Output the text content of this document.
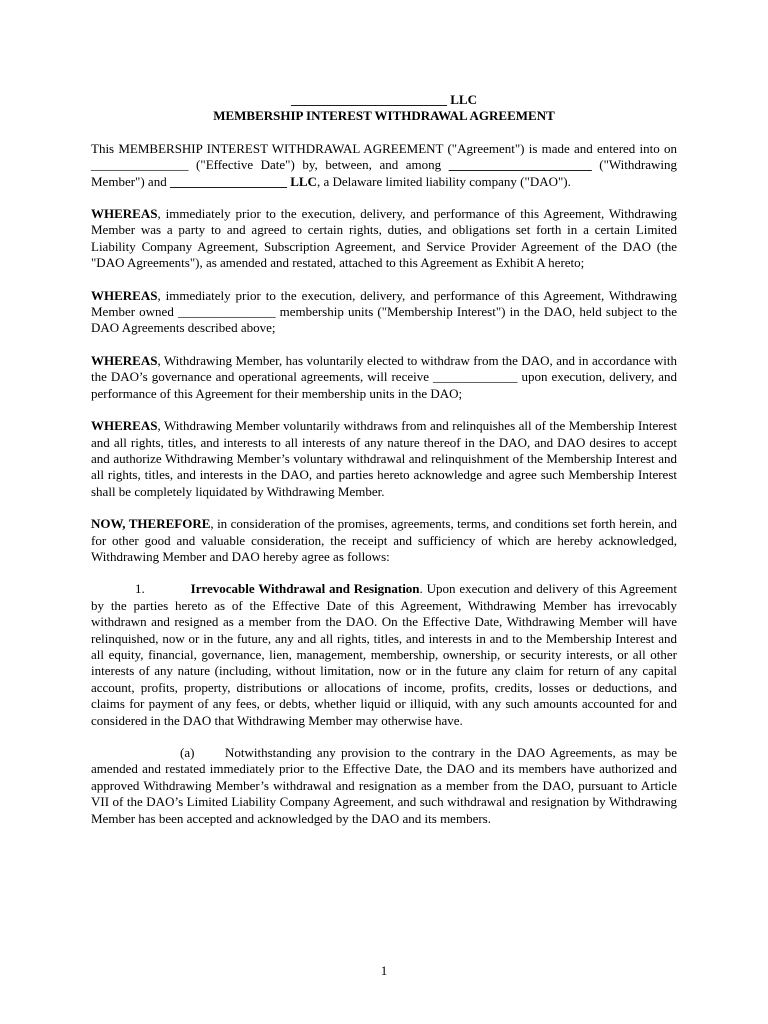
________________________ LLC

MEMBERSHIP INTEREST WITHDRAWAL AGREEMENT

This MEMBERSHIP INTEREST WITHDRAWAL AGREEMENT ("Agreement") is made and entered into on _______________ ("Effective Date") by, between, and among ______________________ ("Withdrawing Member") and __________________ LLC, a Delaware limited liability company ("DAO").

WHEREAS, immediately prior to the execution, delivery, and performance of this Agreement, Withdrawing Member was a party to and agreed to certain rights, duties, and obligations set forth in a certain Limited Liability Company Agreement, Subscription Agreement, and Service Provider Agreement of the DAO (the "DAO Agreements"), as amended and restated, attached to this Agreement as Exhibit A hereto;

WHEREAS, immediately prior to the execution, delivery, and performance of this Agreement, Withdrawing Member owned _______________ membership units ("Membership Interest") in the DAO, held subject to the DAO Agreements described above;

WHEREAS, Withdrawing Member, has voluntarily elected to withdraw from the DAO, and in accordance with the DAO’s governance and operational agreements, will receive _____________ upon execution, delivery, and performance of this Agreement for their membership units in the DAO;

WHEREAS, Withdrawing Member voluntarily withdraws from and relinquishes all of the Membership Interest and all rights, titles, and interests to all interests of any nature thereof in the DAO, and DAO desires to accept and authorize Withdrawing Member’s voluntary withdrawal and relinquishment of the Membership Interest and all rights, titles, and interests in the DAO, and parties hereto acknowledge and agree such Membership Interest shall be completely liquidated by Withdrawing Member.

NOW, THEREFORE, in consideration of the promises, agreements, terms, and conditions set forth herein, and for other good and valuable consideration, the receipt and sufficiency of which are hereby acknowledged, Withdrawing Member and DAO hereby agree as follows:

1.	Irrevocable Withdrawal and Resignation. Upon execution and delivery of this Agreement by the parties hereto as of the Effective Date of this Agreement, Withdrawing Member has irrevocably withdrawn and resigned as a member from the DAO. On the Effective Date, Withdrawing Member will have relinquished, now or in the future, any and all rights, titles, and interests in and to the Membership Interest and all equity, financial, governance, lien, management, membership, ownership, or security interests, or all other interests of any nature (including, without limitation, now or in the future any claim for return of any capital account, profits, property, distributions or allocations of income, profits, credits, losses or deductions, and claims for payment of any fees, or debts, whether liquid or illiquid, with any such amounts accounted for and considered in the DAO that Withdrawing Member may otherwise have.

(a) Notwithstanding any provision to the contrary in the DAO Agreements, as may be amended and restated immediately prior to the Effective Date, the DAO and its members have authorized and approved Withdrawing Member’s withdrawal and resignation as a member from the DAO, pursuant to Article VII of the DAO’s Limited Liability Company Agreement, and such withdrawal and resignation by Withdrawing Member has been accepted and acknowledged by the DAO and its members.

1
